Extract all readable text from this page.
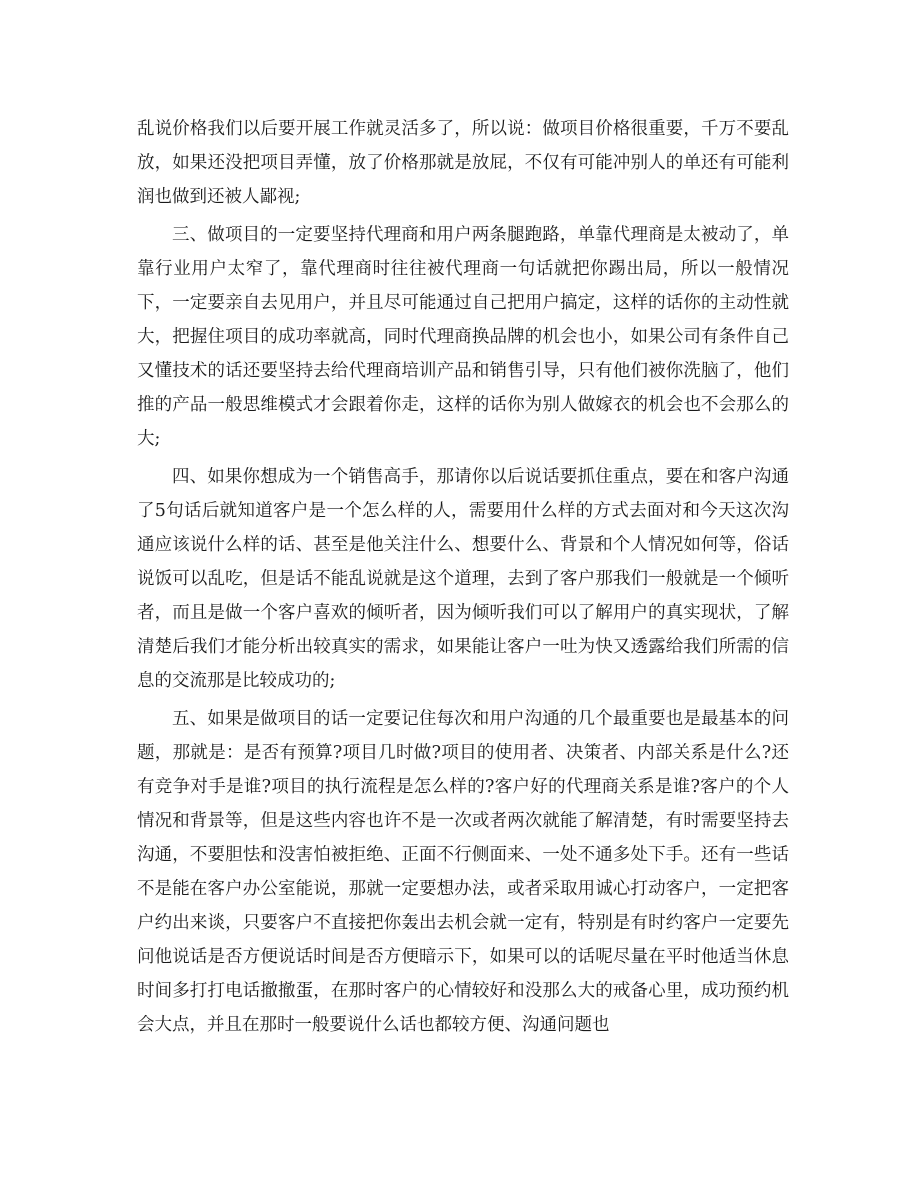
乱说价格我们以后要开展工作就灵活多了，所以说：做项目价格很重要，千万不要乱放，如果还没把项目弄懂，放了价格那就是放屁，不仅有可能冲别人的单还有可能利润也做到还被人鄙视;

三、做项目的一定要坚持代理商和用户两条腿跑路，单靠代理商是太被动了，单靠行业用户太窄了，靠代理商时往往被代理商一句话就把你踢出局，所以一般情况下，一定要亲自去见用户，并且尽可能通过自己把用户搞定，这样的话你的主动性就大，把握住项目的成功率就高，同时代理商换品牌的机会也小，如果公司有条件自己又懂技术的话还要坚持去给代理商培训产品和销售引导，只有他们被你洗脑了，他们推的产品一般思维模式才会跟着你走，这样的话你为别人做嫁衣的机会也不会那么的大;

四、如果你想成为一个销售高手，那请你以后说话要抓住重点，要在和客户沟通了5句话后就知道客户是一个怎么样的人，需要用什么样的方式去面对和今天这次沟通应该说什么样的话、甚至是他关注什么、想要什么、背景和个人情况如何等，俗话说饭可以乱吃，但是话不能乱说就是这个道理，去到了客户那我们一般就是一个倾听者，而且是做一个客户喜欢的倾听者，因为倾听我们可以了解用户的真实现状，了解清楚后我们才能分析出较真实的需求，如果能让客户一吐为快又透露给我们所需的信息的交流那是比较成功的;

五、如果是做项目的话一定要记住每次和用户沟通的几个最重要也是最基本的问题，那就是：是否有预算?项目几时做?项目的使用者、决策者、内部关系是什么?还有竞争对手是谁?项目的执行流程是怎么样的?客户好的代理商关系是谁?客户的个人情况和背景等，但是这些内容也许不是一次或者两次就能了解清楚，有时需要坚持去沟通，不要胆怯和没害怕被拒绝、正面不行侧面来、一处不通多处下手。还有一些话不是能在客户办公室能说，那就一定要想办法，或者采取用诚心打动客户，一定把客户约出来谈，只要客户不直接把你轰出去机会就一定有，特别是有时约客户一定要先问他说话是否方便说话时间是否方便暗示下，如果可以的话呢尽量在平时他适当休息时间多打打电话撤撤蛋，在那时客户的心情较好和没那么大的戒备心里，成功预约机会大点，并且在那时一般要说什么话也都较方便、沟通问题也
